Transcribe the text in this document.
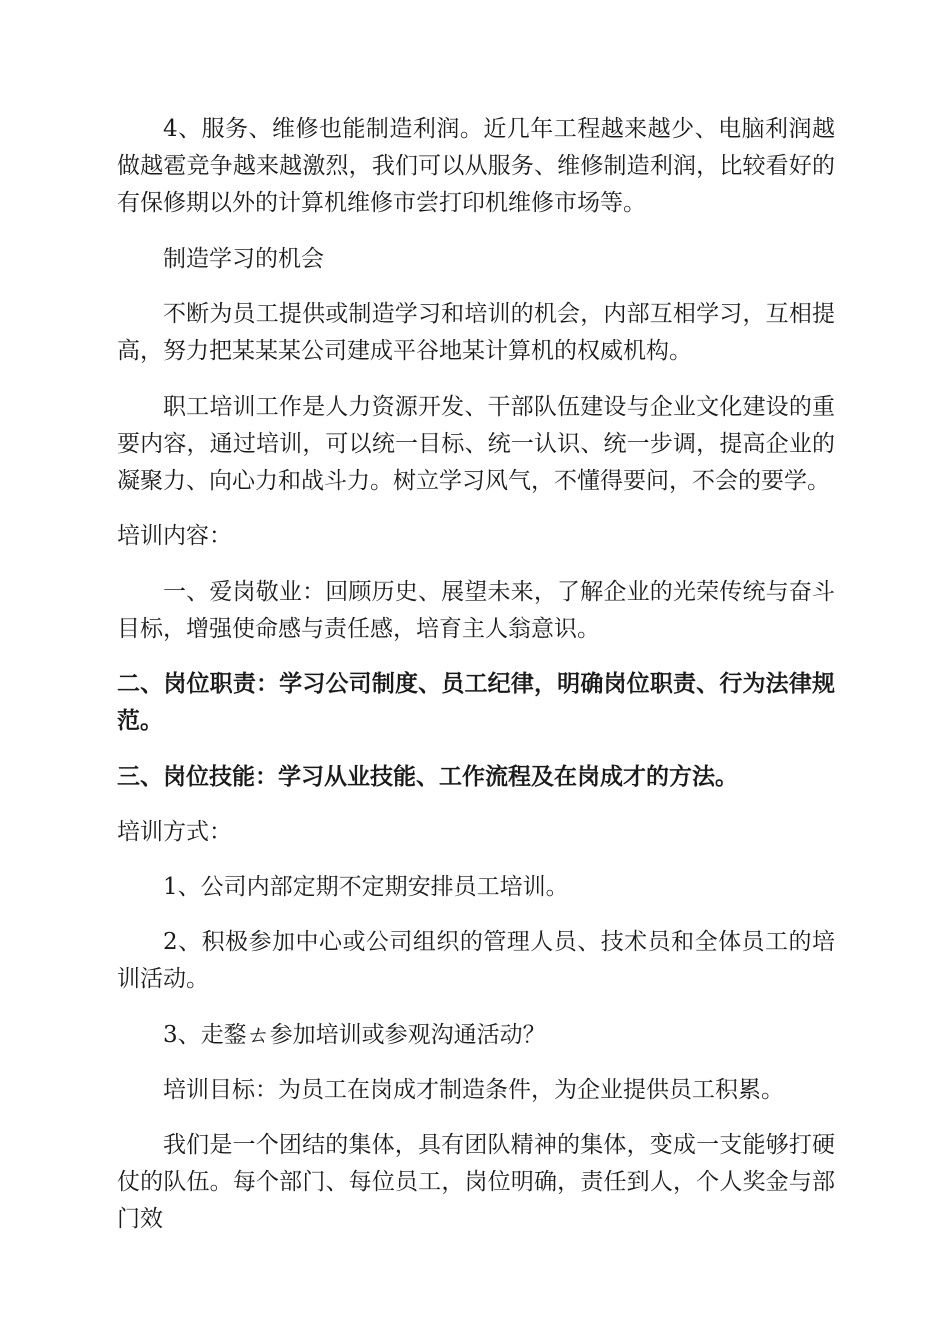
4、服务、维修也能制造利润。近几年工程越来越少、电脑利润越做越雹竞争越来越激烈，我们可以从服务、维修制造利润，比较看好的有保修期以外的计算机维修市尝打印机维修市场等。

制造学习的机会

不断为员工提供或制造学习和培训的机会，内部互相学习，互相提高，努力把某某某公司建成平谷地某计算机的权威机构。

职工培训工作是人力资源开发、干部队伍建设与企业文化建设的重要内容，通过培训，可以统一目标、统一认识、统一步调，提高企业的凝聚力、向心力和战斗力。树立学习风气，不懂得要问，不会的要学。

培训内容：

一、爱岗敬业：回顾历史、展望未来，了解企业的光荣传统与奋斗目标，增强使命感与责任感，培育主人翁意识。

二、岗位职责：学习公司制度、员工纪律，明确岗位职责、行为法律规范。

三、岗位技能：学习从业技能、工作流程及在岗成才的方法。

培训方式：

1、公司内部定期不定期安排员工培训。

2、积极参加中心或公司组织的管理人员、技术员和全体员工的培训活动。

3、走鍪ㄊ参加培训或参观沟通活动？

培训目标：为员工在岗成才制造条件，为企业提供员工积累。

我们是一个团结的集体，具有团队精神的集体，变成一支能够打硬仗的队伍。每个部门、每位员工，岗位明确，责任到人，个人奖金与部门效
